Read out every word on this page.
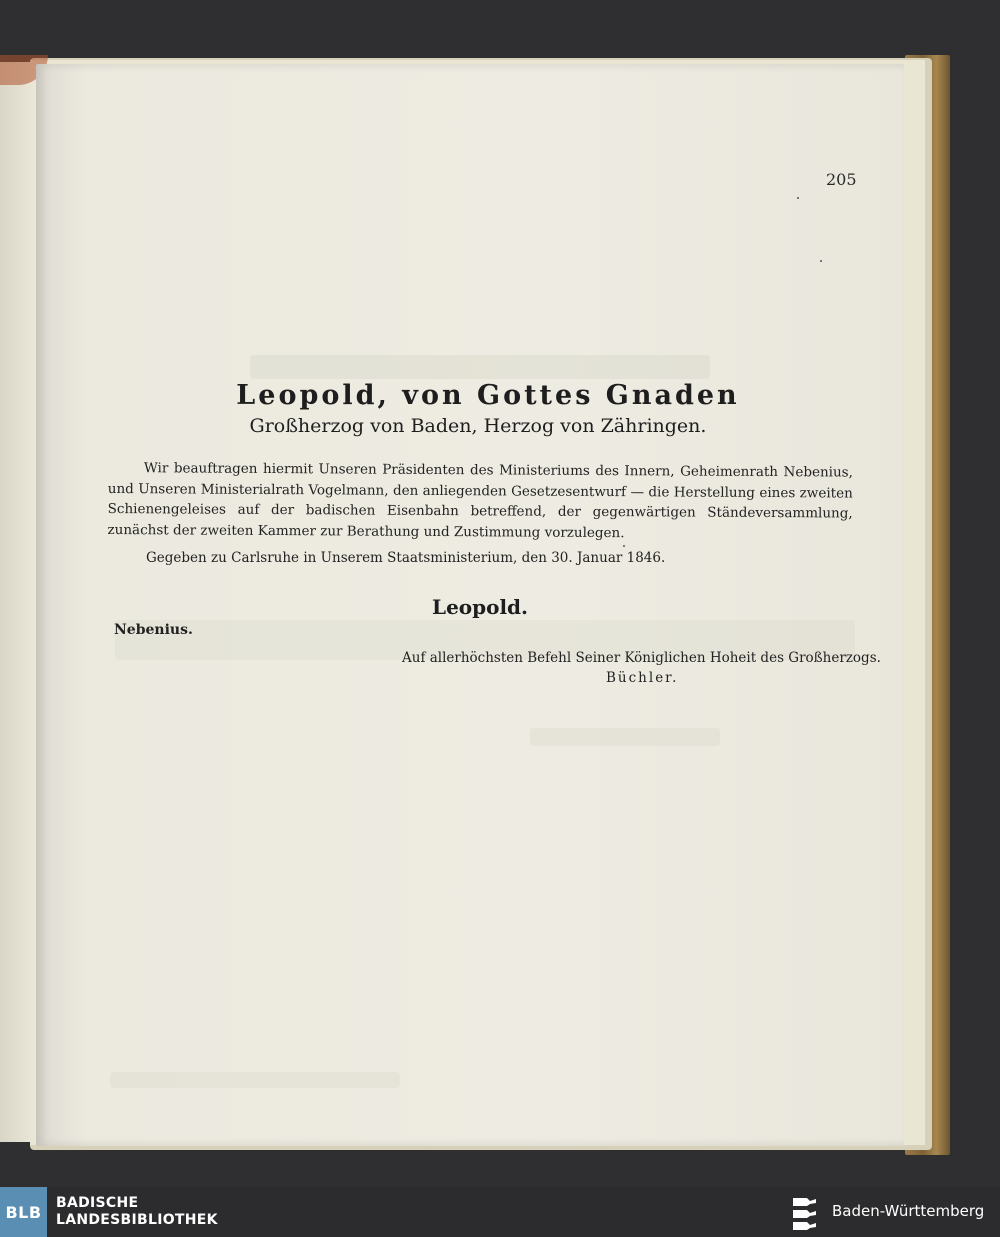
205
Leopold, von Gottes Gnaden
Großherzog von Baden, Herzog von Zähringen.
Wir beauftragen hiermit Unseren Präsidenten des Ministeriums des Innern, Geheimenrath Nebenius, und Unseren Ministerialrath Vogelmann, den anliegenden Gesetzesentwurf — die Herstellung eines zweiten Schienengeleises auf der badischen Eisenbahn betreffend, der gegenwärtigen Ständeversammlung, zunächst der zweiten Kammer zur Berathung und Zustimmung vorzulegen.
Gegeben zu Carlsruhe in Unserem Staatsministerium, den 30. Januar 1846.
Leopold.
Nebenius.
Auf allerhöchsten Befehl Seiner Königlichen Hoheit des Großherzogs.
Büchler.
BLB BADISCHE
LANDESBIBLIOTHEK	Baden-Württemberg
